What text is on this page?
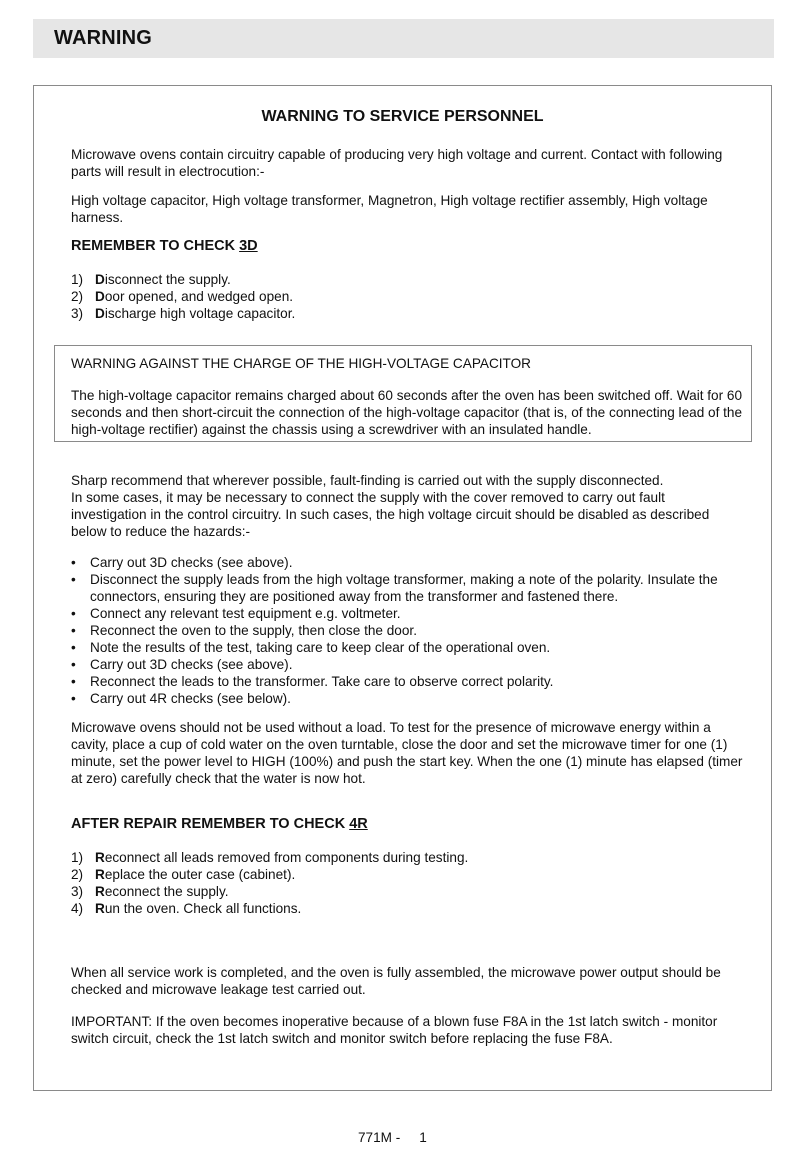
WARNING
WARNING TO SERVICE PERSONNEL

Microwave ovens contain circuitry capable of producing very high voltage and current. Contact with following parts will result in electrocution:-

High voltage capacitor, High voltage transformer, Magnetron, High voltage rectifier assembly, High voltage harness.

REMEMBER TO CHECK 3D
1) Disconnect the supply.
2) Door opened, and wedged open.
3) Discharge high voltage capacitor.

WARNING AGAINST THE CHARGE OF THE HIGH-VOLTAGE CAPACITOR

The high-voltage capacitor remains charged about 60 seconds after the oven has been switched off. Wait for 60 seconds and then short-circuit the connection of the high-voltage capacitor (that is, of the connecting lead of the high-voltage rectifier) against the chassis using a screwdriver with an insulated handle.

Sharp recommend that wherever possible, fault-finding is carried out with the supply disconnected.

In some cases, it may be necessary to connect the supply with the cover removed to carry out fault investigation in the control circuitry. In such cases, the high voltage circuit should be disabled as described below to reduce the hazards:-

• Carry out 3D checks (see above).
• Disconnect the supply leads from the high voltage transformer, making a note of the polarity. Insulate the connectors, ensuring they are positioned away from the transformer and fastened there.
• Connect any relevant test equipment e.g. voltmeter.
• Reconnect the oven to the supply, then close the door.
• Note the results of the test, taking care to keep clear of the operational oven.
• Carry out 3D checks (see above).
• Reconnect the leads to the transformer. Take care to observe correct polarity.
• Carry out 4R checks (see below).

Microwave ovens should not be used without a load. To test for the presence of microwave energy within a cavity, place a cup of cold water on the oven turntable, close the door and set the microwave timer for one (1) minute, set the power level to HIGH (100%) and push the start key. When the one (1) minute has elapsed (timer at zero) carefully check that the water is now hot.

AFTER REPAIR REMEMBER TO CHECK 4R
1) Reconnect all leads removed from components during testing.
2) Replace the outer case (cabinet).
3) Reconnect the supply.
4) Run the oven. Check all functions.

When all service work is completed, and the oven is fully assembled, the microwave power output should be checked and microwave leakage test carried out.

IMPORTANT: If the oven becomes inoperative because of a blown fuse F8A in the 1st latch switch - monitor switch circuit, check the 1st latch switch and monitor switch before replacing the fuse F8A.

771M - 1
